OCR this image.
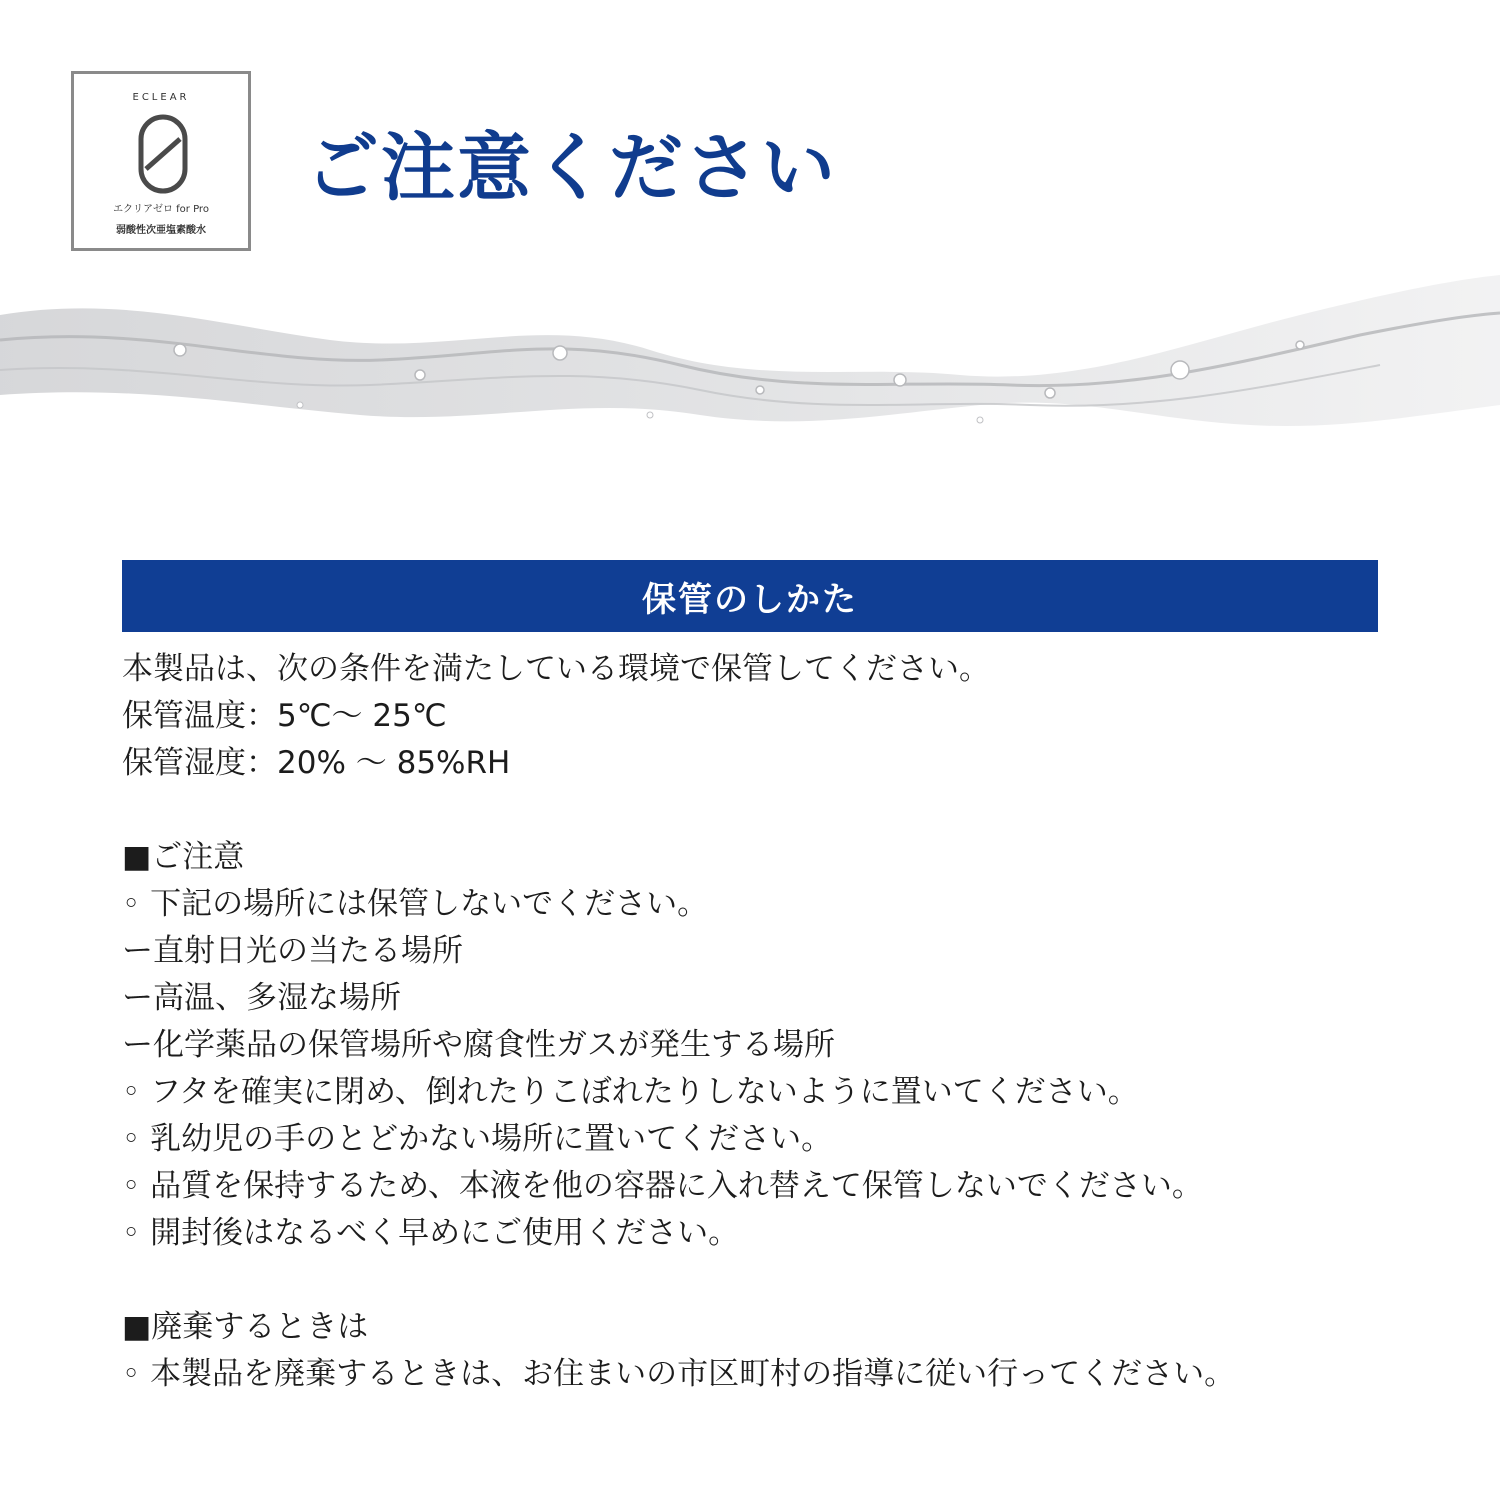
ECLEAR
エクリアゼロ for Pro
弱酸性次亜塩素酸水
ご注意ください
保管のしかた
本製品は、次の条件を満たしている環境で保管してください。
保管温度：5℃～ 25℃
保管湿度：20% ～ 85%RH
■ご注意
◦ 下記の場所には保管しないでください。
ー直射日光の当たる場所
ー高温、多湿な場所
ー化学薬品の保管場所や腐食性ガスが発生する場所
◦ フタを確実に閉め、倒れたりこぼれたりしないように置いてください。
◦ 乳幼児の手のとどかない場所に置いてください。
◦ 品質を保持するため、本液を他の容器に入れ替えて保管しないでください。
◦ 開封後はなるべく早めにご使用ください。
■廃棄するときは
◦ 本製品を廃棄するときは、お住まいの市区町村の指導に従い行ってください。
